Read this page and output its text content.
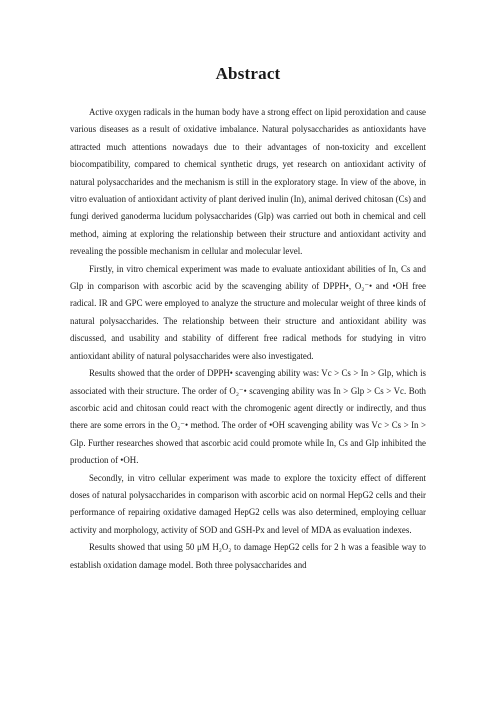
Abstract

Active oxygen radicals in the human body have a strong effect on lipid peroxidation and cause various diseases as a result of oxidative imbalance. Natural polysaccharides as antioxidants have attracted much attentions nowadays due to their advantages of non-toxicity and excellent biocompatibility, compared to chemical synthetic drugs, yet research on antioxidant activity of natural polysaccharides and the mechanism is still in the exploratory stage. In view of the above, in vitro evaluation of antioxidant activity of plant derived inulin (In), animal derived chitosan (Cs) and fungi derived ganoderma lucidum polysaccharides (Glp) was carried out both in chemical and cell method, aiming at exploring the relationship between their structure and antioxidant activity and revealing the possible mechanism in cellular and molecular level.

Firstly, in vitro chemical experiment was made to evaluate antioxidant abilities of In, Cs and Glp in comparison with ascorbic acid by the scavenging ability of DPPH•, O₂⁻• and •OH free radical. IR and GPC were employed to analyze the structure and molecular weight of three kinds of natural polysaccharides. The relationship between their structure and antioxidant ability was discussed, and usability and stability of different free radical methods for studying in vitro antioxidant ability of natural polysaccharides were also investigated.

Results showed that the order of DPPH• scavenging ability was: Vc > Cs > In > Glp, which is associated with their structure. The order of O₂⁻• scavenging ability was In > Glp > Cs > Vc. Both ascorbic acid and chitosan could react with the chromogenic agent directly or indirectly, and thus there are some errors in the O₂⁻• method. The order of •OH scavenging ability was Vc > Cs > In > Glp. Further researches showed that ascorbic acid could promote while In, Cs and Glp inhibited the production of •OH.

Secondly, in vitro cellular experiment was made to explore the toxicity effect of different doses of natural polysaccharides in comparison with ascorbic acid on normal HepG2 cells and their performance of repairing oxidative damaged HepG2 cells was also determined, employing celluar activity and morphology, activity of SOD and GSH-Px and level of MDA as evaluation indexes.

Results showed that using 50 μM H₂O₂ to damage HepG2 cells for 2 h was a feasible way to establish oxidation damage model. Both three polysaccharides and
